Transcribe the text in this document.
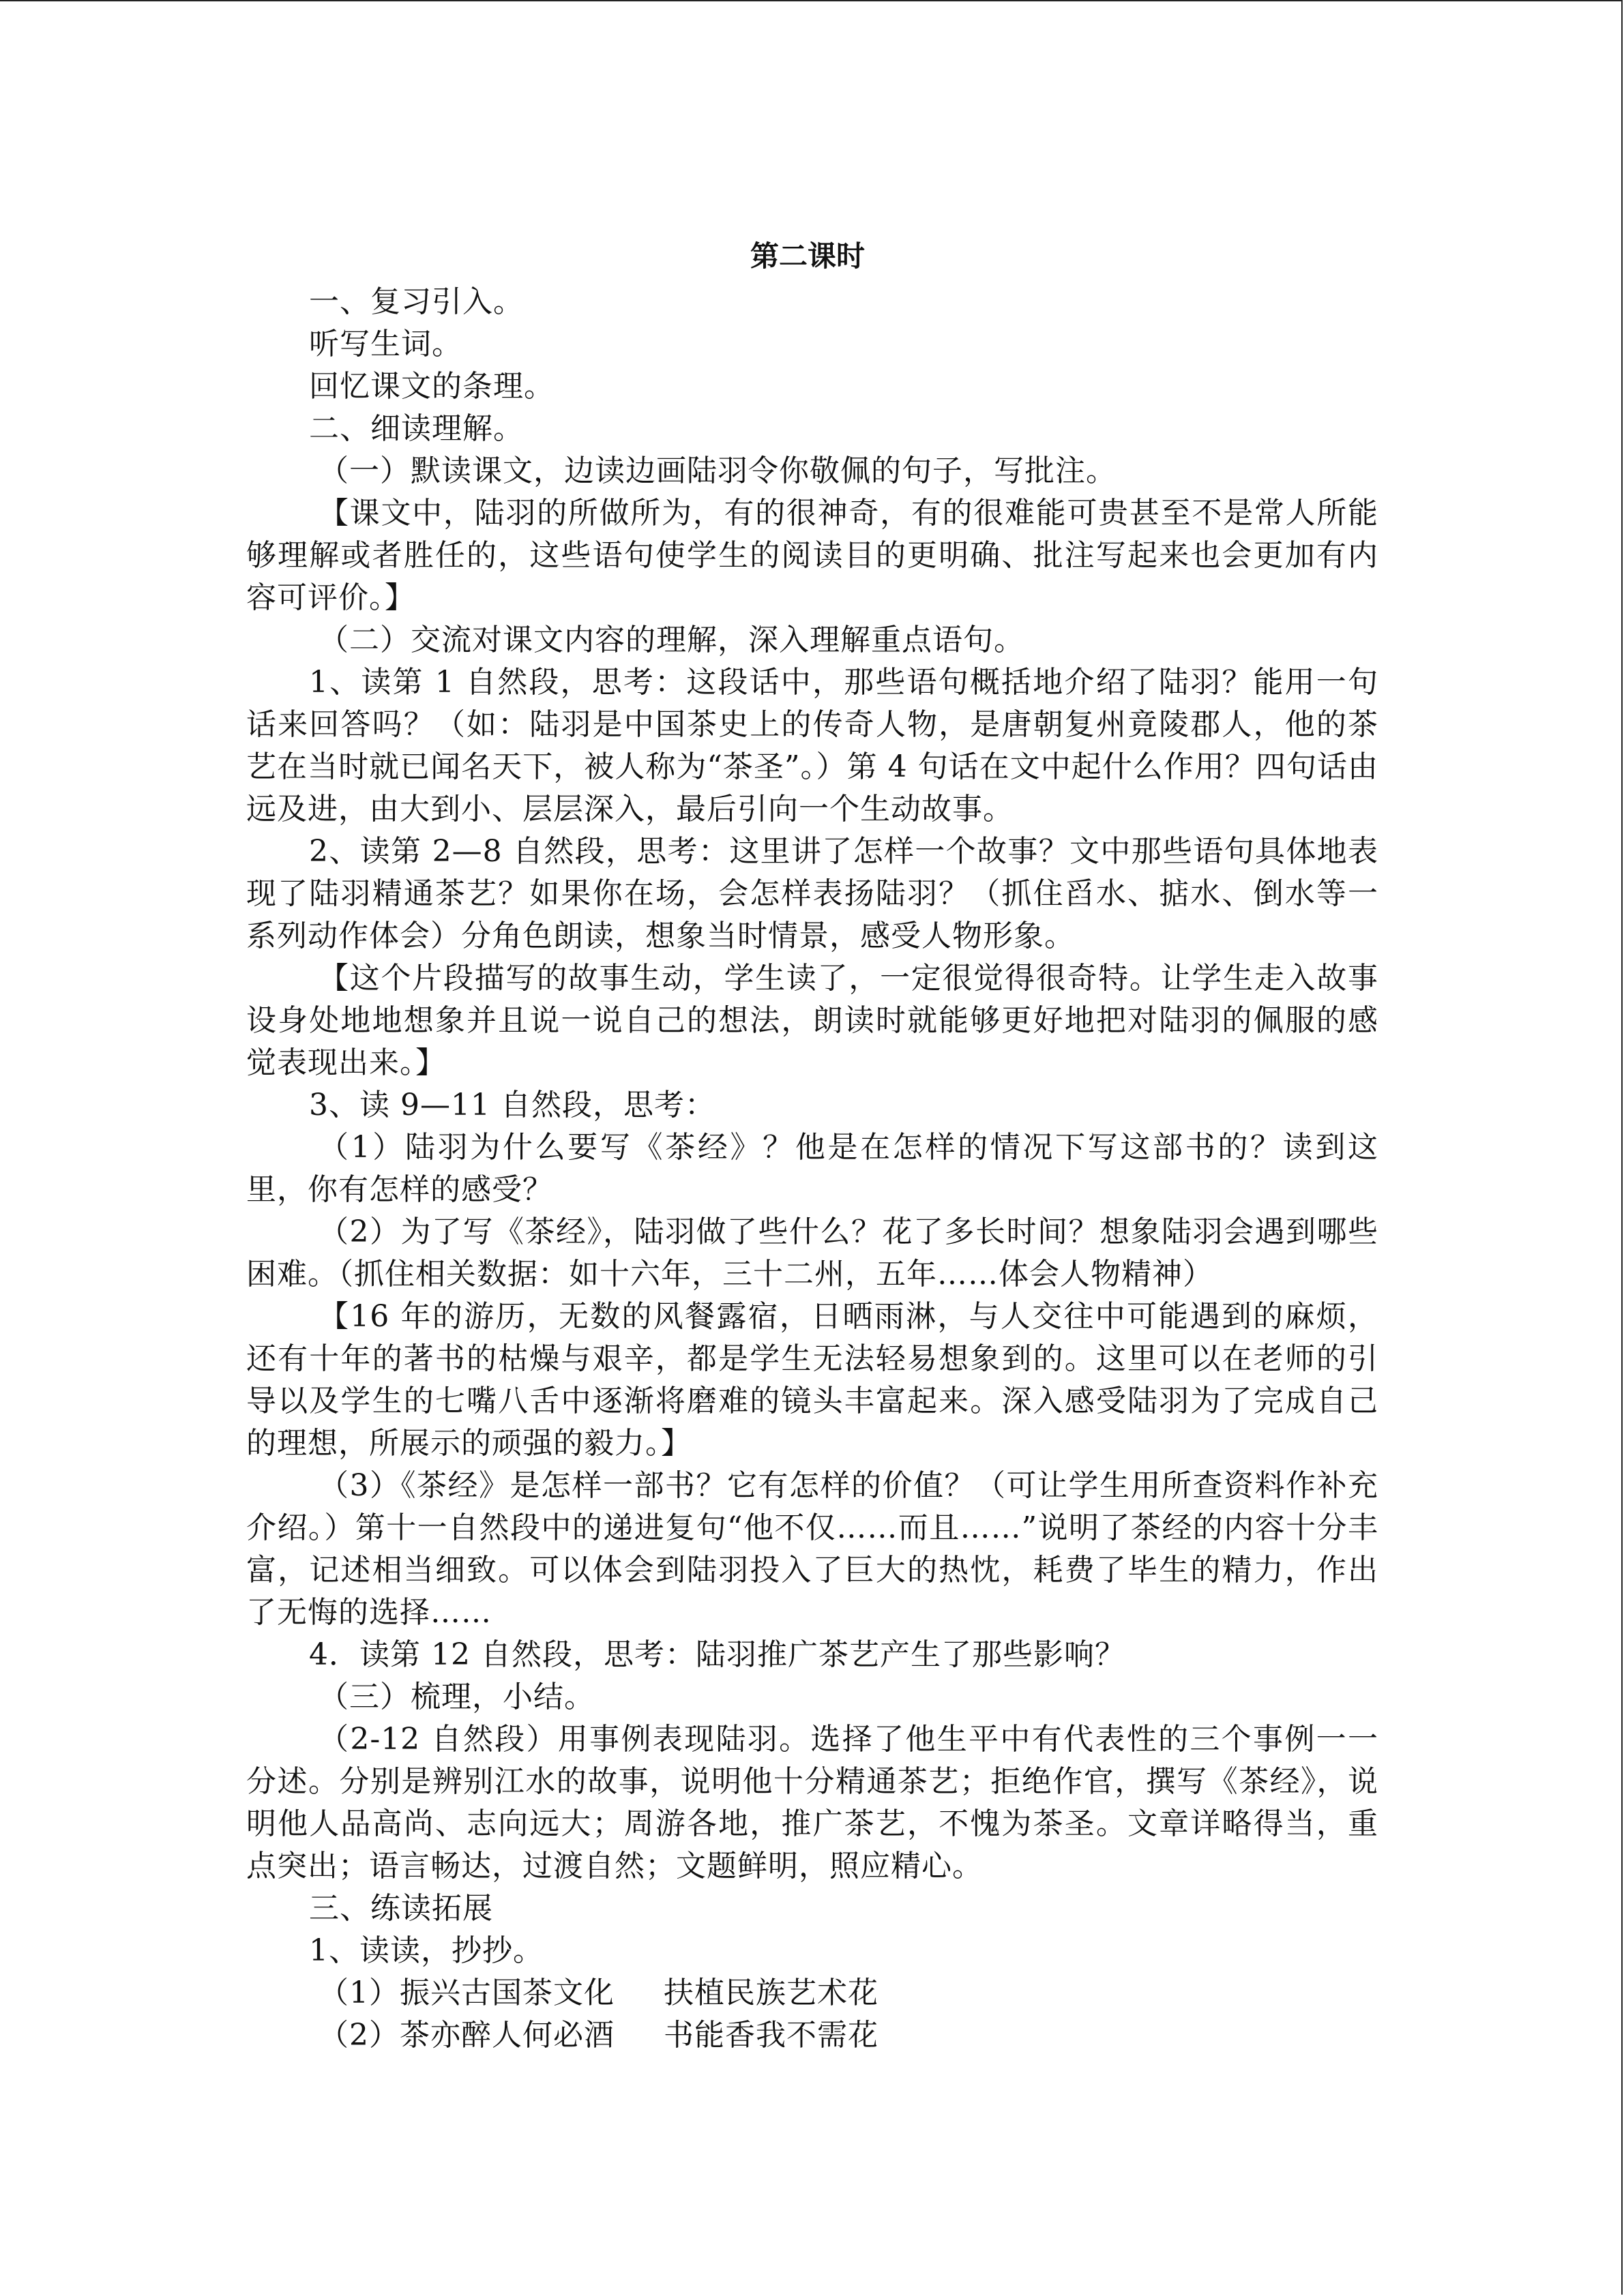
第二课时

一、复习引入。

听写生词。

回忆课文的条理。

二、细读理解。

（一）默读课文，边读边画陆羽令你敬佩的句子，写批注。

【课文中，陆羽的所做所为，有的很神奇，有的很难能可贵甚至不是常人所能够理解或者胜任的，这些语句使学生的阅读目的更明确、批注写起来也会更加有内容可评价。】

（二）交流对课文内容的理解，深入理解重点语句。

1、读第 1 自然段，思考：这段话中，那些语句概括地介绍了陆羽？能用一句话来回答吗？（如：陆羽是中国茶史上的传奇人物，是唐朝复州竟陵郡人，他的茶艺在当时就已闻名天下，被人称为“茶圣”。）第 4 句话在文中起什么作用？四句话由远及进，由大到小、层层深入，最后引向一个生动故事。

2、读第 2—8 自然段，思考：这里讲了怎样一个故事？文中那些语句具体地表现了陆羽精通茶艺？如果你在场，会怎样表扬陆羽？（抓住舀水、掂水、倒水等一系列动作体会）分角色朗读，想象当时情景，感受人物形象。

【这个片段描写的故事生动，学生读了，一定很觉得很奇特。让学生走入故事设身处地地想象并且说一说自己的想法，朗读时就能够更好地把对陆羽的佩服的感觉表现出来。】

3、读 9—11 自然段，思考：

（1）陆羽为什么要写《茶经》？他是在怎样的情况下写这部书的？读到这里，你有怎样的感受？

（2）为了写《茶经》，陆羽做了些什么？花了多长时间？想象陆羽会遇到哪些困难。（抓住相关数据：如十六年，三十二州，五年……体会人物精神）

【16 年的游历，无数的风餐露宿，日晒雨淋，与人交往中可能遇到的麻烦，还有十年的著书的枯燥与艰辛，都是学生无法轻易想象到的。这里可以在老师的引导以及学生的七嘴八舌中逐渐将磨难的镜头丰富起来。深入感受陆羽为了完成自己的理想，所展示的顽强的毅力。】

（3）《茶经》是怎样一部书？它有怎样的价值？（可让学生用所查资料作补充介绍。）第十一自然段中的递进复句“他不仅……而且……”说明了茶经的内容十分丰富，记述相当细致。可以体会到陆羽投入了巨大的热忱，耗费了毕生的精力，作出了无悔的选择……

4．读第 12 自然段，思考：陆羽推广茶艺产生了那些影响？

（三）梳理，小结。

（2-12 自然段）用事例表现陆羽。选择了他生平中有代表性的三个事例一一分述。分别是辨别江水的故事，说明他十分精通茶艺；拒绝作官，撰写《茶经》，说明他人品高尚、志向远大；周游各地，推广茶艺，不愧为茶圣。文章详略得当，重点突出；语言畅达，过渡自然；文题鲜明，照应精心。

三、练读拓展

1、读读，抄抄。

（1）振兴古国茶文化 扶植民族艺术花
（2）茶亦醉人何必酒 书能香我不需花
